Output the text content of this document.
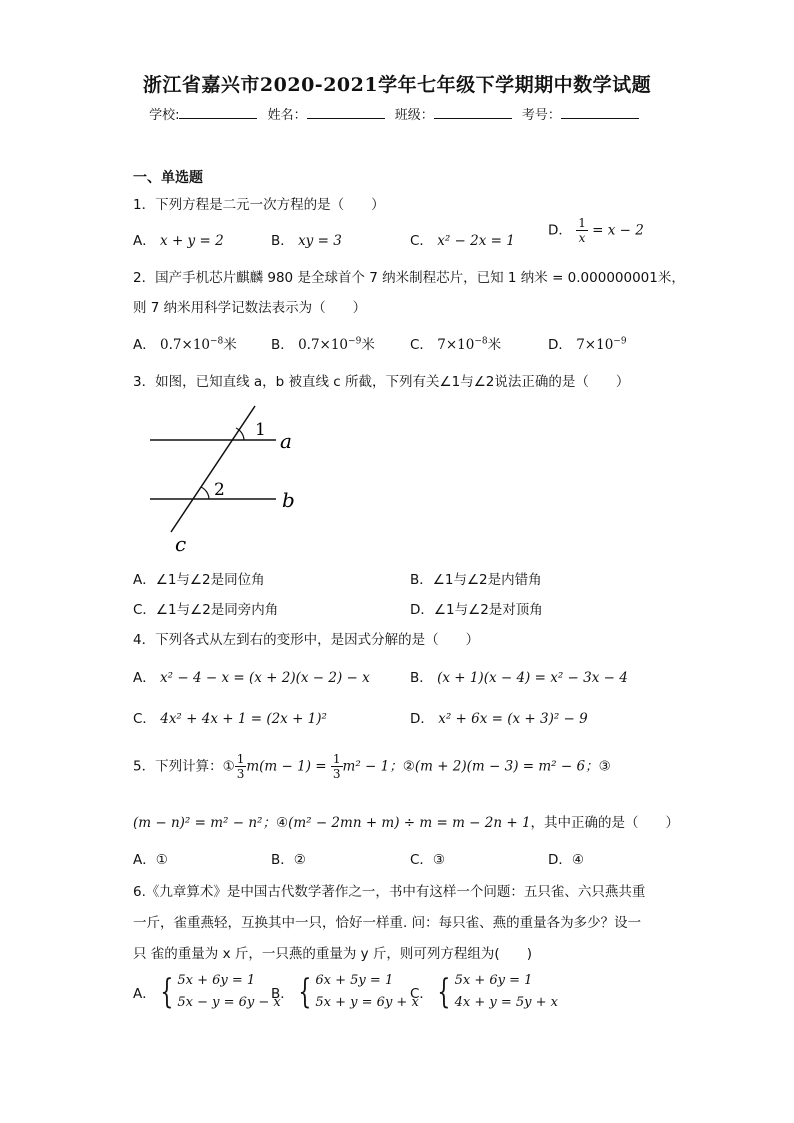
浙江省嘉兴市2020-2021学年七年级下学期期中数学试题
学校:	姓名：	班级：	考号：
一、单选题
1．下列方程是二元一次方程的是（　　）
A． x + y = 2	B． xy = 3	C． x² − 2x = 1
D． $\frac{1}{x} = x - 2$
2．国产手机芯片麒麟 980 是全球首个 7 纳米制程芯片，已知 1 纳米 = 0.000000001米，
则 7 纳米用科学记数法表示为（　　）
A． $0.7\times 10^{-8}$米	B． $0.7\times 10^{-9}$米	C． $7\times 10^{-8}$米	D． $7\times 10^{-9}$
3．如图，已知直线 a，b 被直线 c 所截，下列有关∠1与∠2说法正确的是（　　）
1
2
a
b
c
A．∠1与∠2是同位角	B．∠1与∠2是内错角
C．∠1与∠2是同旁内角	D．∠1与∠2是对顶角
4．下列各式从左到右的变形中，是因式分解的是（　　）
A． x² − 4 − x = (x + 2)(x − 2) − x	B． (x + 1)(x − 4) = x² − 3x − 4
C． 4x² + 4x + 1 = (2x + 1)²	D． x² + 6x = (x + 3)² − 9
5．下列计算：① $\frac{1}{3} m(m - 1) = \frac{1}{3} m^2 - 1$；②(m + 2)(m − 3) = m² − 6；③
(m − n)² = m² − n²；④(m² − 2mn + m) ÷ m = m − 2n + 1，其中正确的是（　　）
A．①	B．②	C．③	D．④
6.《九章算术》是中国古代数学著作之一，书中有这样一个问题：五只雀、六只燕共重
一斤，雀重燕轻，互换其中一只，恰好一样重. 问：每只雀、燕的重量各为多少？设一
只 雀的重量为 x 斤，一只燕的重量为 y 斤，则可列方程组为(　　)
A． { 5x + 6y = 1
5x − y = 6y − x
B． { 6x + 5y = 1
5x + y = 6y + x
C． { 5x + 6y = 1
4x + y = 5y + x
